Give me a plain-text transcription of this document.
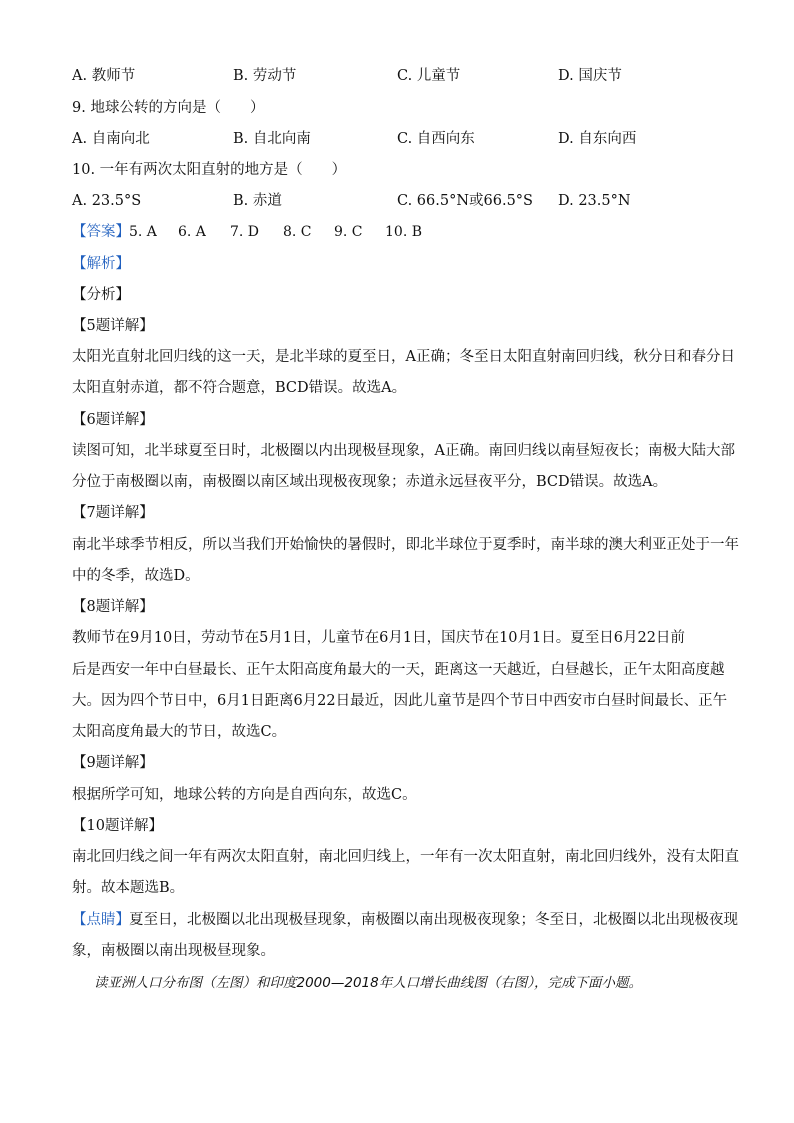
A. 教师节	B. 劳动节	C. 儿童节	D. 国庆节
9. 地球公转的方向是（　　）
A. 自南向北	B. 自北向南	C. 自西向东	D. 自东向西
10. 一年有两次太阳直射的地方是（　　）
A. 23.5°S	B. 赤道	C. 66.5°N或66.5°S D. 23.5°N
【答案】 5. A 6. A 7. D 8. C 9. C 10. B
【解析】
【分析】
【5题详解】
太阳光直射北回归线的这一天，是北半球的夏至日，A正确；冬至日太阳直射南回归线，秋分日和春分日
太阳直射赤道，都不符合题意，BCD错误。故选A。
【6题详解】
读图可知，北半球夏至日时，北极圈以内出现极昼现象，A正确。南回归线以南昼短夜长；南极大陆大部
分位于南极圈以南，南极圈以南区域出现极夜现象；赤道永远昼夜平分，BCD错误。故选A。
【7题详解】
南北半球季节相反，所以当我们开始愉快的暑假时，即北半球位于夏季时，南半球的澳大利亚正处于一年
中的冬季，故选D。
【8题详解】
教师节在9月10日，劳动节在5月1日，儿童节在6月1日，国庆节在10月1日。夏至日6月22日前
后是西安一年中白昼最长、正午太阳高度角最大的一天，距离这一天越近，白昼越长，正午太阳高度越
大。因为四个节日中，6月1日距离6月22日最近，因此儿童节是四个节日中西安市白昼时间最长、正午
太阳高度角最大的节日，故选C。
【9题详解】
根据所学可知，地球公转的方向是自西向东，故选C。
【10题详解】
南北回归线之间一年有两次太阳直射，南北回归线上，一年有一次太阳直射，南北回归线外，没有太阳直
射。故本题选B。
【点睛】 夏至日，北极圈以北出现极昼现象，南极圈以南出现极夜现象；冬至日，北极圈以北出现极夜现
象，南极圈以南出现极昼现象。
读亚洲人口分布图（左图）和印度2000—2018年人口增长曲线图（右图），完成下面小题。
